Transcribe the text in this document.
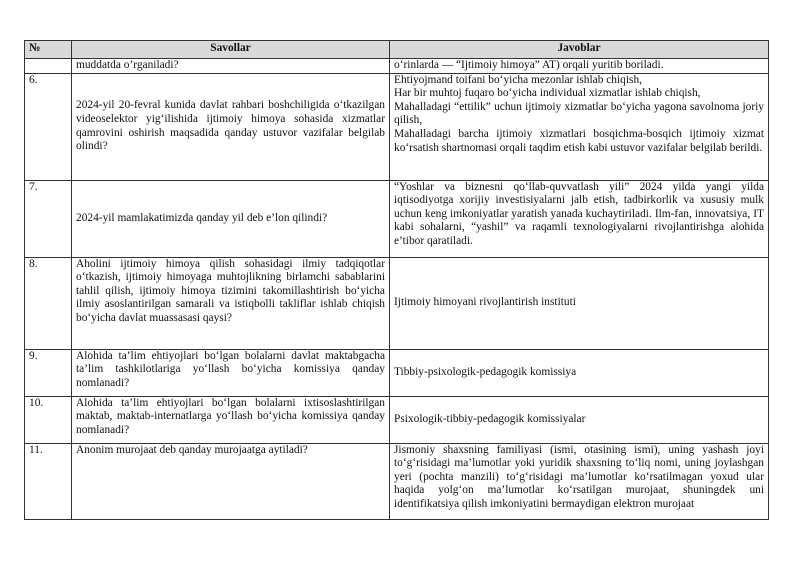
№	Savollar	Javoblar
	muddatda o’rganiladi?	o‘rinlarda — “Ijtimoiy himoya” AT) orqali yuritib boriladi.
6.	2024-yil 20-fevral kunida davlat rahbari boshchiligida o‘tkazilgan videoselektor yig‘ilishida ijtimoiy himoya sohasida xizmatlar qamrovini oshirish maqsadida qanday ustuvor vazifalar belgilab olindi?	Ehtiyojmand toifani bo‘yicha mezonlar ishlab chiqish,
Har bir muhtoj fuqaro bo‘yicha individual xizmatlar ishlab chiqish,
Mahalladagi “ettilik” uchun ijtimoiy xizmatlar bo‘yicha yagona savolnoma joriy qilish,
Mahalladagi barcha ijtimoiy xizmatlari bosqichma-bosqich ijtimoiy xizmat ko‘rsatish shartnomasi orqali taqdim etish kabi ustuvor vazifalar belgilab berildi.

7.	2024-yil mamlakatimizda qanday yil deb e’lon qilindi?	“Yoshlar va biznesni qo‘llab-quvvatlash yili” 2024 yilda yangi yilda iqtisodiyotga xorijiy investisiyalarni jalb etish, tadbirkorlik va xususiy mulk uchun keng imkoniyatlar yaratish yanada kuchaytiriladi. Ilm-fan, innovatsiya, IT kabi sohalarni, “yashil” va raqamli texnologiyalarni rivojlantirishga alohida e’tibor qaratiladi.
8.	Aholini ijtimoiy himoya qilish sohasidagi ilmiy tadqiqotlar o‘tkazish, ijtimoiy himoyaga muhtojlikning birlamchi sabablarini tahlil qilish, ijtimoiy himoya tizimini takomillashtirish bo‘yicha ilmiy asoslantirilgan samarali va istiqbolli takliflar ishlab chiqish bo‘yicha davlat muassasasi qaysi?	Ijtimoiy himoyani rivojlantirish instituti
9.	Alohida ta’lim ehtiyojlari bo‘lgan bolalarni davlat maktabgacha ta’lim tashkilotlariga yo‘llash bo‘yicha komissiya qanday nomlanadi?	Tibbiy-psixologik-pedagogik komissiya
10.	Alohida ta’lim ehtiyojlari bo‘lgan bolalarni ixtisoslashtirilgan maktab, maktab-internatlarga yo‘llash bo‘yicha komissiya qanday nomlanadi?	Psixologik-tibbiy-pedagogik komissiyalar
11.	Anonim murojaat deb qanday murojaatga aytiladi?	Jismoniy shaxsning familiyasi (ismi, otasining ismi), uning yashash joyi to‘g‘risidagi ma’lumotlar yoki yuridik shaxsning to‘liq nomi, uning joylashgan yeri (pochta manzili) to‘g‘risidagi ma’lumotlar ko‘rsatilmagan yoxud ular haqida yolg‘on ma’lumotlar ko‘rsatilgan murojaat, shuningdek uni identifikatsiya qilish imkoniyatini bermaydigan elektron murojaat
